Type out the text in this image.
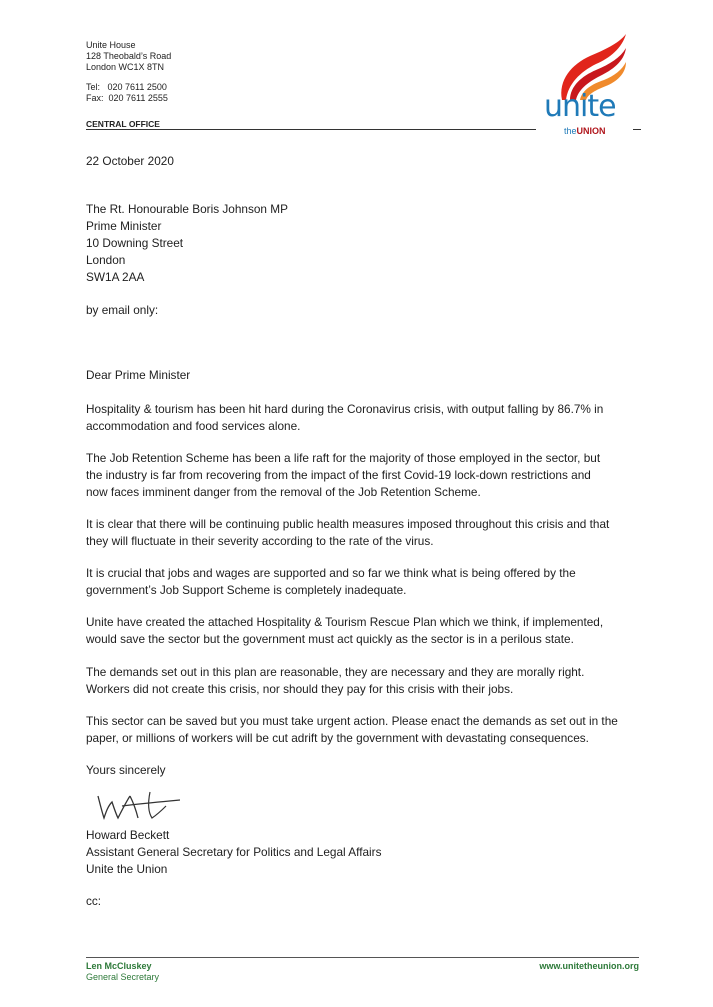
Unite House
128 Theobald’s Road
London WC1X 8TN
Tel:   020 7611 2500
Fax:  020 7611 2555
CENTRAL OFFICE	unite
theUNION
22 October 2020
The Rt. Honourable Boris Johnson MP
Prime Minister
10 Downing Street
London
SW1A 2AA
by email only:
Dear Prime Minister
Hospitality & tourism has been hit hard during the Coronavirus crisis, with output falling by 86.7% in
accommodation and food services alone.
The Job Retention Scheme has been a life raft for the majority of those employed in the sector, but
the industry is far from recovering from the impact of the first Covid-19 lock-down restrictions and
now faces imminent danger from the removal of the Job Retention Scheme.
It is clear that there will be continuing public health measures imposed throughout this crisis and that
they will fluctuate in their severity according to the rate of the virus.
It is crucial that jobs and wages are supported and so far we think what is being offered by the
government’s Job Support Scheme is completely inadequate.
Unite have created the attached Hospitality & Tourism Rescue Plan which we think, if implemented,
would save the sector but the government must act quickly as the sector is in a perilous state.
The demands set out in this plan are reasonable, they are necessary and they are morally right.
Workers did not create this crisis, nor should they pay for this crisis with their jobs.
This sector can be saved but you must take urgent action. Please enact the demands as set out in the
paper, or millions of workers will be cut adrift by the government with devastating consequences.
Yours sincerely
Howard Beckett
Assistant General Secretary for Politics and Legal Affairs
Unite the Union
cc:
Len McCluskey
General Secretary
www.unitetheunion.org
